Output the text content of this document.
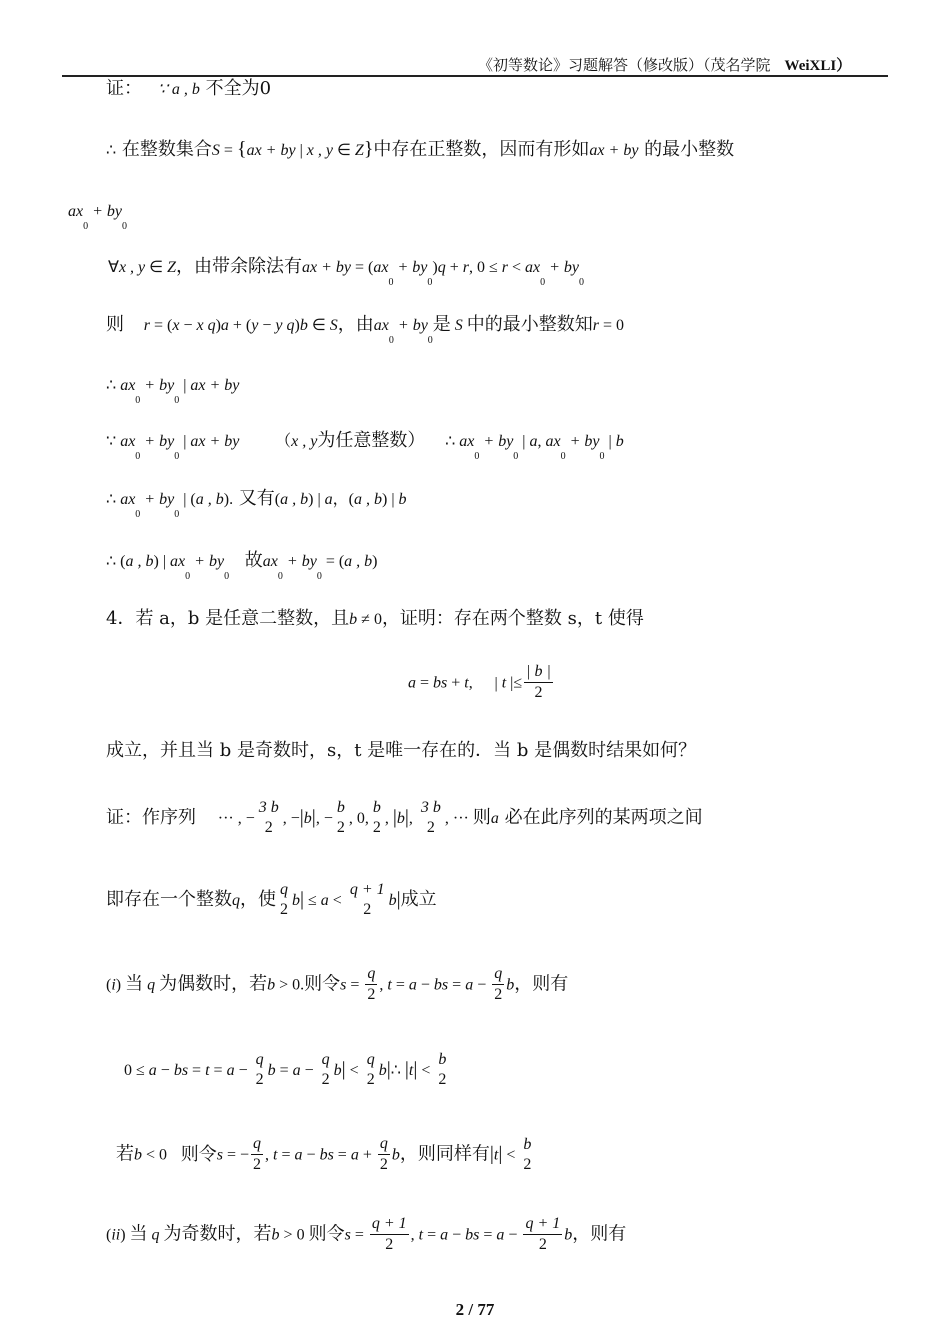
《初等数论》习题解答（修改版）（茂名学院 WeiXLI）
证： ∵ a , b 不全为0
∴ 在整数集合S = {ax + by | x , y ∈ Z}中存在正整数，因而有形如ax + by 的最小整数
$ax_0 + by_0$
∀x , y ∈ Z，由带余除法有ax + by = $(ax_0 + by_0)q + r$, $0 \le r < ax_0 + by_0$
则 r = (x − x q)a + (y − y q)b ∈ S，由$ax_0 + by_0$是 S 中的最小整数知r = 0
∴ $ax_0 + by_0$ | ax + by
∵ $ax_0 + by_0$ | ax + by （x , y为任意整数） ∴ $ax_0 + by_0$ | a, $ax_0 + by_0$ | b
∴ $ax_0 + by_0$ | (a , b). 又有(a , b) | a，(a , b) | b
∴ (a , b) | $ax_0 + by_0$ 故$ax_0 + by_0 = (a$ , b)
4．若 a，b 是任意二整数，且b ≠ 0，证明：存在两个整数 s，t 使得
a = bs + t, | t |≤ $\frac{| b |}{2}$
成立，并且当 b 是奇数时，s，t 是唯一存在的．当 b 是偶数时结果如何？
证：作序列 ··· , −
3 b
2
, −|b|, −
b
2
, 0,
b
2
, |b|,
3 b
2
, ··· 则a 必在此序列的某两项之间
即存在一个整数q，使 q
2
b| ≤ a <
q + 1
2
b|成立
(i) 当 q 为偶数时，若b > 0.则令$s = \frac{q}{2}$ , t = a − bs = $a - \frac{q}{2}$ b，则有
0 ≤ a − bs = t = a −
q
2
b = a −
q
2
b| <
q
2
b|∴ |t| <
b
2
若b < 0 则令s = − $\frac{q}{2}$ , t = a − bs = $a + \frac{q}{2}$ b，则同样有|t| <
b
2
(ii) 当 q 为奇数时，若b > 0 则令$s = \frac{q + 1}{2}$ , t = a − bs = $a - \frac{q + 1}{2}$ b，则有
2 / 77
